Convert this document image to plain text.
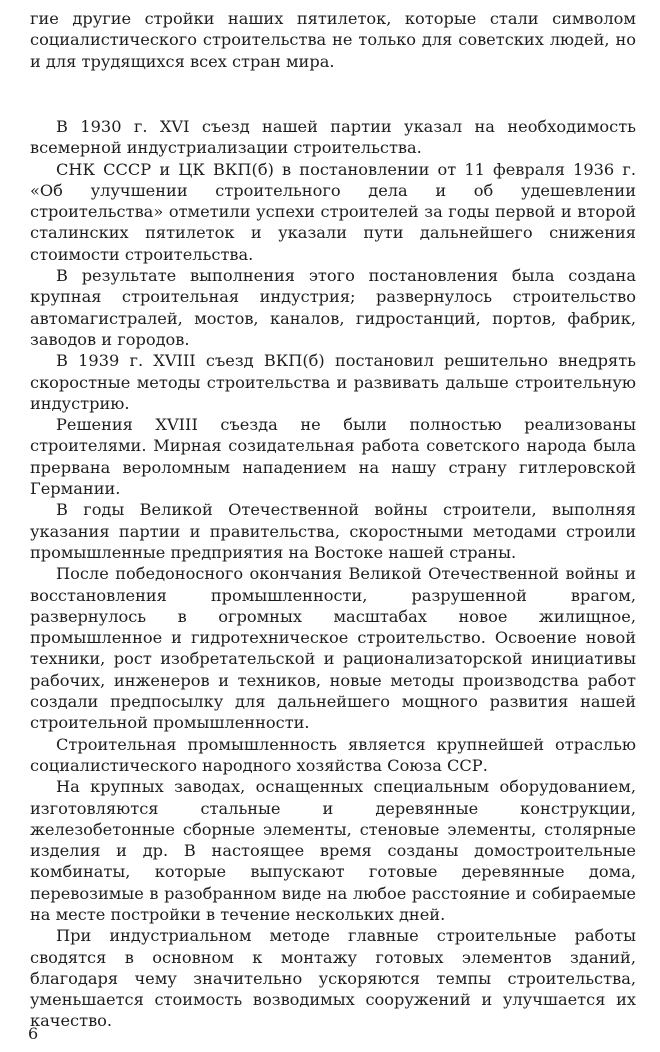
гие другие стройки наших пятилеток, которые стали символом социалистического строительства не только для советских людей, но и для трудящихся всех стран мира.

В 1930 г. XVI съезд нашей партии указал на необходимость всемерной индустриализации строительства.

СНК СССР и ЦК ВКП(б) в постановлении от 11 февраля 1936 г. «Об улучшении строительного дела и об удешевлении строительства» отметили успехи строителей за годы первой и второй сталинских пятилеток и указали пути дальнейшего снижения стоимости строительства.

В результате выполнения этого постановления была создана крупная строительная индустрия; развернулось строительство автомагистралей, мостов, каналов, гидростанций, портов, фабрик, заводов и городов.

В 1939 г. XVIII съезд ВКП(б) постановил решительно внедрять скоростные методы строительства и развивать дальше строительную индустрию.

Решения XVIII съезда не были полностью реализованы строителями. Мирная созидательная работа советского народа была прервана вероломным нападением на нашу страну гитлеровской Германии.

В годы Великой Отечественной войны строители, выполняя указания партии и правительства, скоростными методами строили промышленные предприятия на Востоке нашей страны.

После победоносного окончания Великой Отечественной войны и восстановления промышленности, разрушенной врагом, развернулось в огромных масштабах новое жилищное, промышленное и гидротехническое строительство. Освоение новой техники, рост изобретательской и рационализаторской инициативы рабочих, инженеров и техников, новые методы производства работ создали предпосылку для дальнейшего мощного развития нашей строительной промышленности.

Строительная промышленность является крупнейшей отраслью социалистического народного хозяйства Союза ССР.

На крупных заводах, оснащенных специальным оборудованием, изготовляются стальные и деревянные конструкции, железобетонные сборные элементы, стеновые элементы, столярные изделия и др. В настоящее время созданы домостроительные комбинаты, которые выпускают готовые деревянные дома, перевозимые в разобранном виде на любое расстояние и собираемые на месте постройки в течение нескольких дней.

При индустриальном методе главные строительные работы сводятся в основном к монтажу готовых элементов зданий, благодаря чему значительно ускоряются темпы строительства, уменьшается стоимость возводимых сооружений и улучшается их качество.

6
